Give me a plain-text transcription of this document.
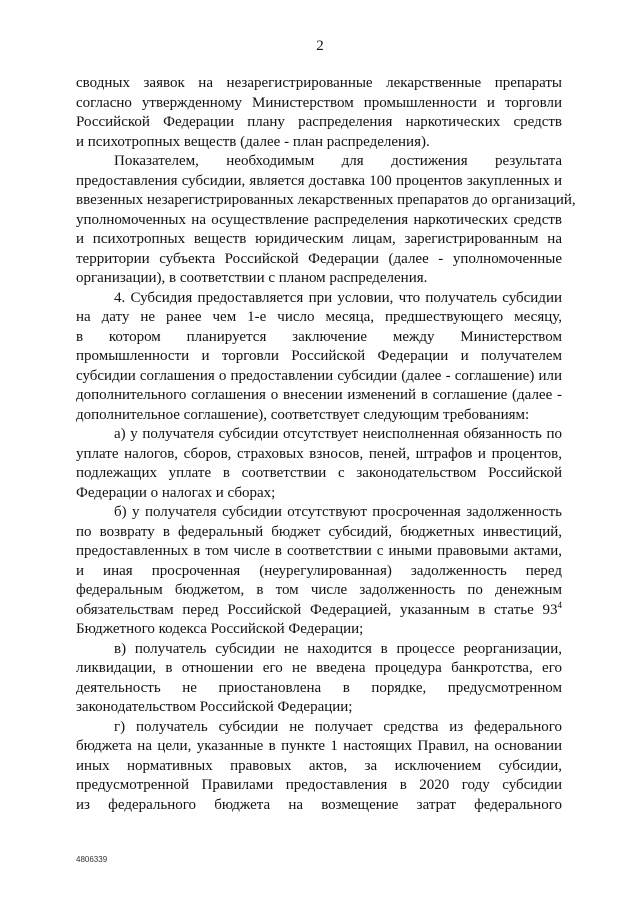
2
сводных заявок на незарегистрированные лекарственные препараты
согласно утвержденному Министерством промышленности и торговли
Российской Федерации плану распределения наркотических средств
и психотропных веществ (далее - план распределения).
Показателем, необходимым для достижения результата
предоставления субсидии, является доставка 100 процентов закупленных и
ввезенных незарегистрированных лекарственных препаратов до организаций,
уполномоченных на осуществление распределения наркотических средств
и психотропных веществ юридическим лицам, зарегистрированным на
территории субъекта Российской Федерации (далее - уполномоченные
организации), в соответствии с планом распределения.
4. Субсидия предоставляется при условии, что получатель субсидии
на дату не ранее чем 1-е число месяца, предшествующего месяцу,
в котором планируется заключение между Министерством
промышленности и торговли Российской Федерации и получателем
субсидии соглашения о предоставлении субсидии (далее - соглашение) или
дополнительного соглашения о внесении изменений в соглашение (далее -
дополнительное соглашение), соответствует следующим требованиям:
а) у получателя субсидии отсутствует неисполненная обязанность по
уплате налогов, сборов, страховых взносов, пеней, штрафов и процентов,
подлежащих уплате в соответствии с законодательством Российской
Федерации о налогах и сборах;
б) у получателя субсидии отсутствуют просроченная задолженность
по возврату в федеральный бюджет субсидий, бюджетных инвестиций,
предоставленных в том числе в соответствии с иными правовыми актами,
и иная просроченная (неурегулированная) задолженность перед
федеральным бюджетом, в том числе задолженность по денежным
обязательствам перед Российской Федерацией, указанным в статье $93^4$
Бюджетного кодекса Российской Федерации;
в) получатель субсидии не находится в процессе реорганизации,
ликвидации, в отношении его не введена процедура банкротства, его
деятельность не приостановлена в порядке, предусмотренном
законодательством Российской Федерации;
г) получатель субсидии не получает средства из федерального
бюджета на цели, указанные в пункте 1 настоящих Правил, на основании
иных нормативных правовых актов, за исключением субсидии,
предусмотренной Правилами предоставления в 2020 году субсидии
из федерального бюджета на возмещение затрат федерального
4806339
